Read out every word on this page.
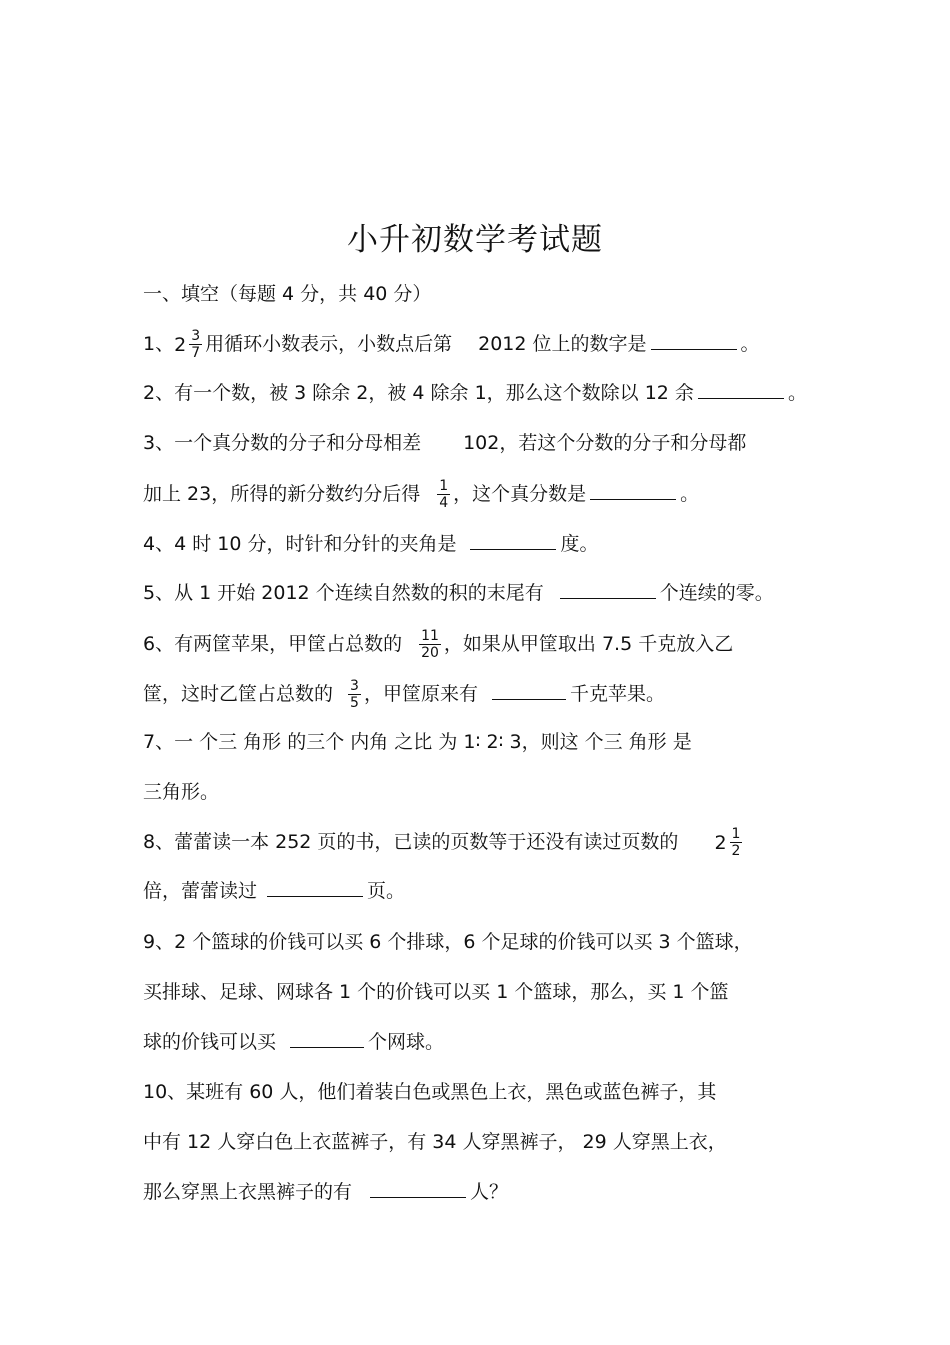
小升初数学考试题
一、填空（每题 4 分，共 40 分）
1、 $2 \frac{3}{7}$ 用循环小数表示，小数点后第 2012 位上的数字是	。
2、有一个数，被 3 除余 2，被 4 除余 1，那么这个数除以 12 余	。
3、一个真分数的分子和分母相差 102，若这个分数的分子和分母都
加上 23，所得的新分数约分后得 $\frac{1}{4}$ ，这个真分数是	。
4、4 时 10 分，时针和分针的夹角是	度。
5、从 1 开始 2012 个连续自然数的积的末尾有	个连续的零。
6、有两筐苹果，甲筐占总数的 $\frac{11}{20}$ ，如果从甲筐取出 7.5 千克放入乙
筐，这时乙筐占总数的 $\frac{3}{5}$ ，甲筐原来有	千克苹果。
7、一 个三 角形 的三个 内角 之比 为 1∶ 2∶ 3，则这 个三 角形 是
三角形。
8、蕾蕾读一本 252 页的书，已读的页数等于还没有读过页数的 $2 \frac{1}{2}$
倍，蕾蕾读过	页。
9、2 个篮球的价钱可以买 6 个排球，6 个足球的价钱可以买 3 个篮球，
买排球、足球、网球各 1 个的价钱可以买 1 个篮球，那么，买 1 个篮
球的价钱可以买	个网球。
10、某班有 60 人，他们着装白色或黑色上衣，黑色或蓝色裤子，其
中有 12 人穿白色上衣蓝裤子，有 34 人穿黑裤子， 29 人穿黑上衣，
那么穿黑上衣黑裤子的有	人？
